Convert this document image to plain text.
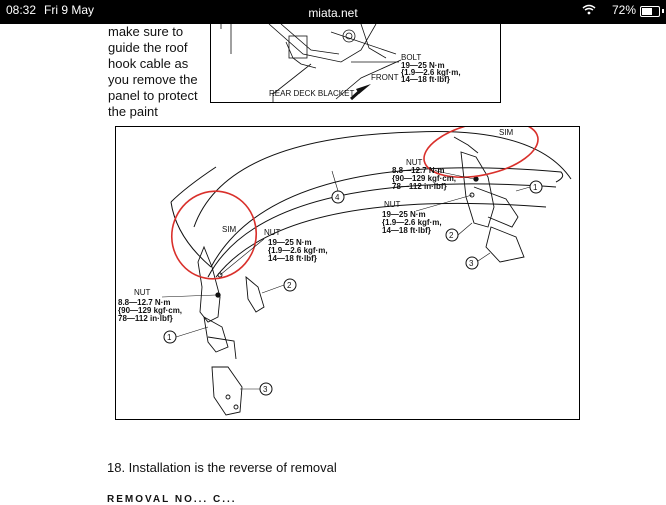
08:32 Fri 9 May	miata.net	72%

make sure to guide the roof hook cable as you remove the panel to protect the paint

BOLT
19—25 N·m
{1.9—2.6 kgf·m,
14—18 ft·lbf}
FRONT
REAR DECK BLACKET
SIM
SIM
NUT
8.8—12.7 N·m
{90—129 kgf·cm,
78—112 in·lbf}
NUT
19—25 N·m
{1.9—2.6 kgf·m,
14—18 ft·lbf}
NUT
19—25 N·m
{1.9—2.6 kgf·m,
14—18 ft·lbf}
NUT
8.8—12.7 N·m
{90—129 kgf·cm,
78—112 in·lbf}
1
2
3
4
2
1
3

18. Installation is the reverse of removal

REMOVAL NO... C...
